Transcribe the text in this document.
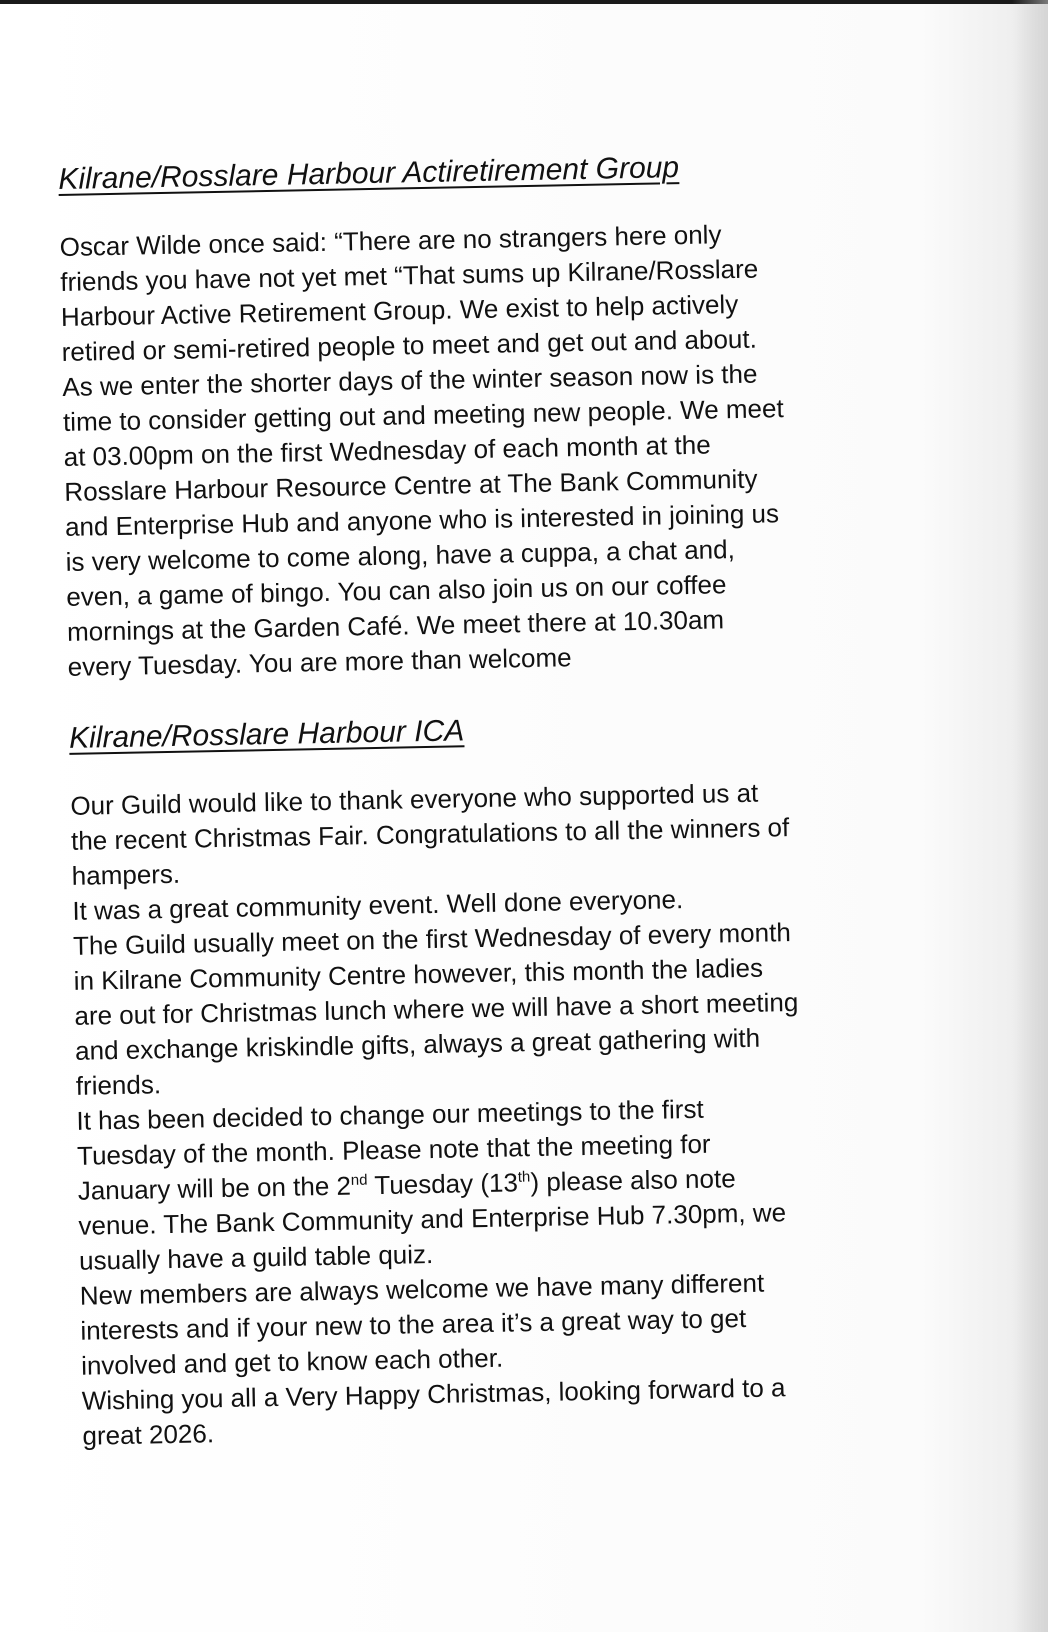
Kilrane/Rosslare Harbour Actiretirement Group

Oscar Wilde once said: “There are no strangers here only

friends you have not yet met “That sums up Kilrane/Rosslare

Harbour Active Retirement Group. We exist to help actively

retired or semi-retired people to meet and get out and about.

As we enter the shorter days of the winter season now is the

time to consider getting out and meeting new people. We meet

at 03.00pm on the first Wednesday of each month at the

Rosslare Harbour Resource Centre at The Bank Community

and Enterprise Hub and anyone who is interested in joining us

is very welcome to come along, have a cuppa, a chat and,

even, a game of bingo. You can also join us on our coffee

mornings at the Garden Café. We meet there at 10.30am

every Tuesday. You are more than welcome

Kilrane/Rosslare Harbour ICA

Our Guild would like to thank everyone who supported us at

the recent Christmas Fair. Congratulations to all the winners of

hampers.

It was a great community event. Well done everyone.

The Guild usually meet on the first Wednesday of every month

in Kilrane Community Centre however, this month the ladies

are out for Christmas lunch where we will have a short meeting

and exchange kriskindle gifts, always a great gathering with

friends.

It has been decided to change our meetings to the first

Tuesday of the month. Please note that the meeting for

January will be on the 2nd Tuesday (13th) please also note

venue. The Bank Community and Enterprise Hub 7.30pm, we

usually have a guild table quiz.

New members are always welcome we have many different

interests and if your new to the area it’s a great way to get

involved and get to know each other.

Wishing you all a Very Happy Christmas, looking forward to a

great 2026.
